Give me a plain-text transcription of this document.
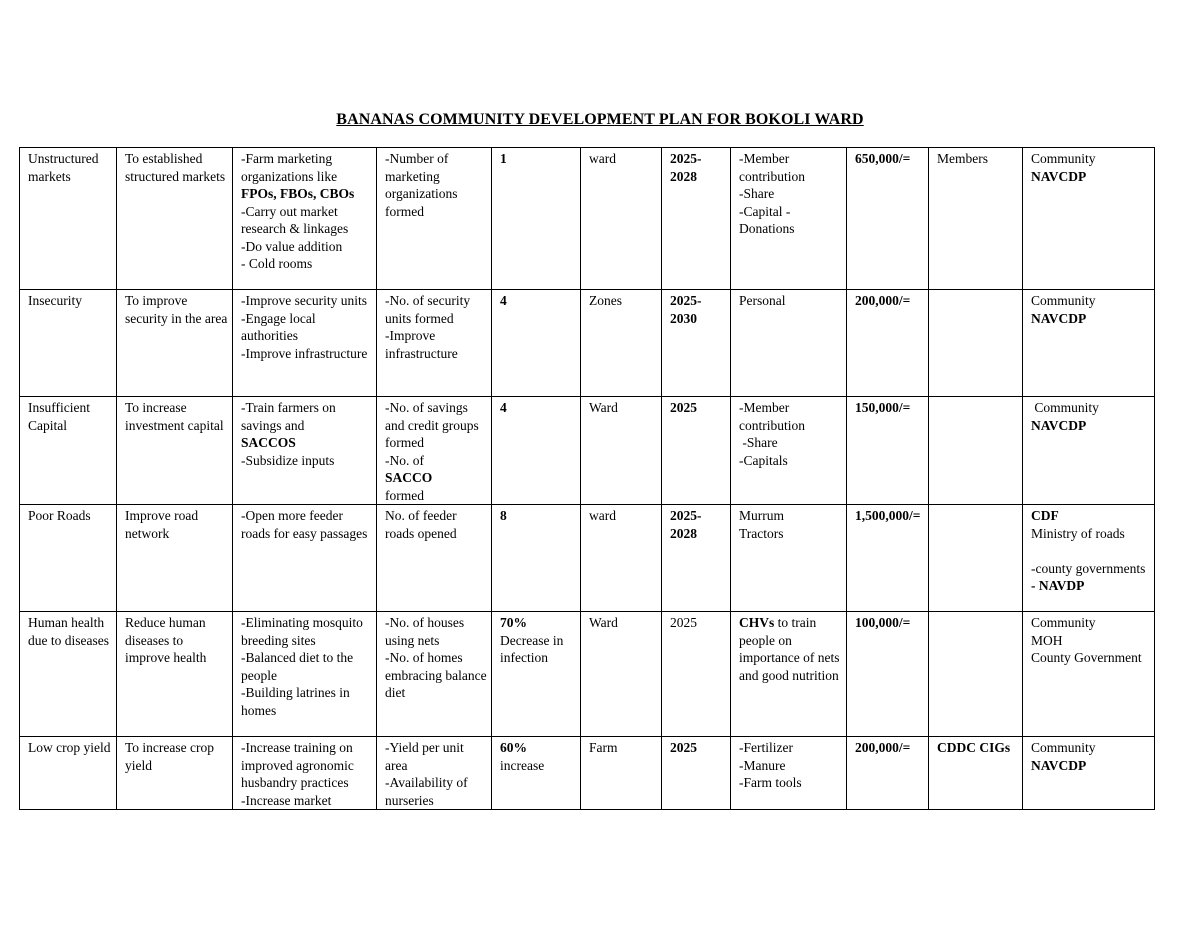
BANANAS COMMUNITY DEVELOPMENT PLAN FOR BOKOLI WARD
Unstructured markets	To established structured markets	-Farm marketing organizations like
FPOs, FBOs, CBOs
-Carry out market research & linkages
-Do value addition
- Cold rooms	-Number of marketing organizations formed	1	ward	2025-2028	-Member contribution
-Share
-Capital -Donations	650,000/=	Members	Community
NAVCDP

Insecurity	To improve security in the area	-Improve security units
-Engage local authorities
-Improve infrastructure	-No. of security units formed
-Improve infrastructure	4	Zones	2025-2030	Personal	200,000/=		Community
NAVCDP

Insufficient Capital	To increase investment capital	-Train farmers on savings and
SACCOS
-Subsidize inputs	-No. of savings and credit groups formed
-No. of
SACCO
formed	4	Ward	2025	-Member contribution
-Share
-Capitals	150,000/=		Community
NAVCDP

Poor Roads	Improve road network	-Open more feeder roads for easy passages	No. of feeder roads opened	8	ward	2025-2028	Murrum
Tractors	1,500,000/=		CDF
Ministry of roads

-county governments
- NAVDP

Human health due to diseases	Reduce human diseases to improve health	-Eliminating mosquito breeding sites
-Balanced diet to the people
-Building latrines in homes	-No. of houses using nets
-No. of homes embracing balance diet	70%
Decrease in infection	Ward	2025	CHVs to train people on importance of nets and good nutrition	100,000/=		Community
MOH
County Government

Low crop yield	To increase crop yield	-Increase training on improved agronomic husbandry practices
-Increase market	-Yield per unit area
-Availability of nurseries	60%
increase	Farm	2025	-Fertilizer
-Manure
-Farm tools	200,000/=	CDDC CIGs	Community
NAVCDP
